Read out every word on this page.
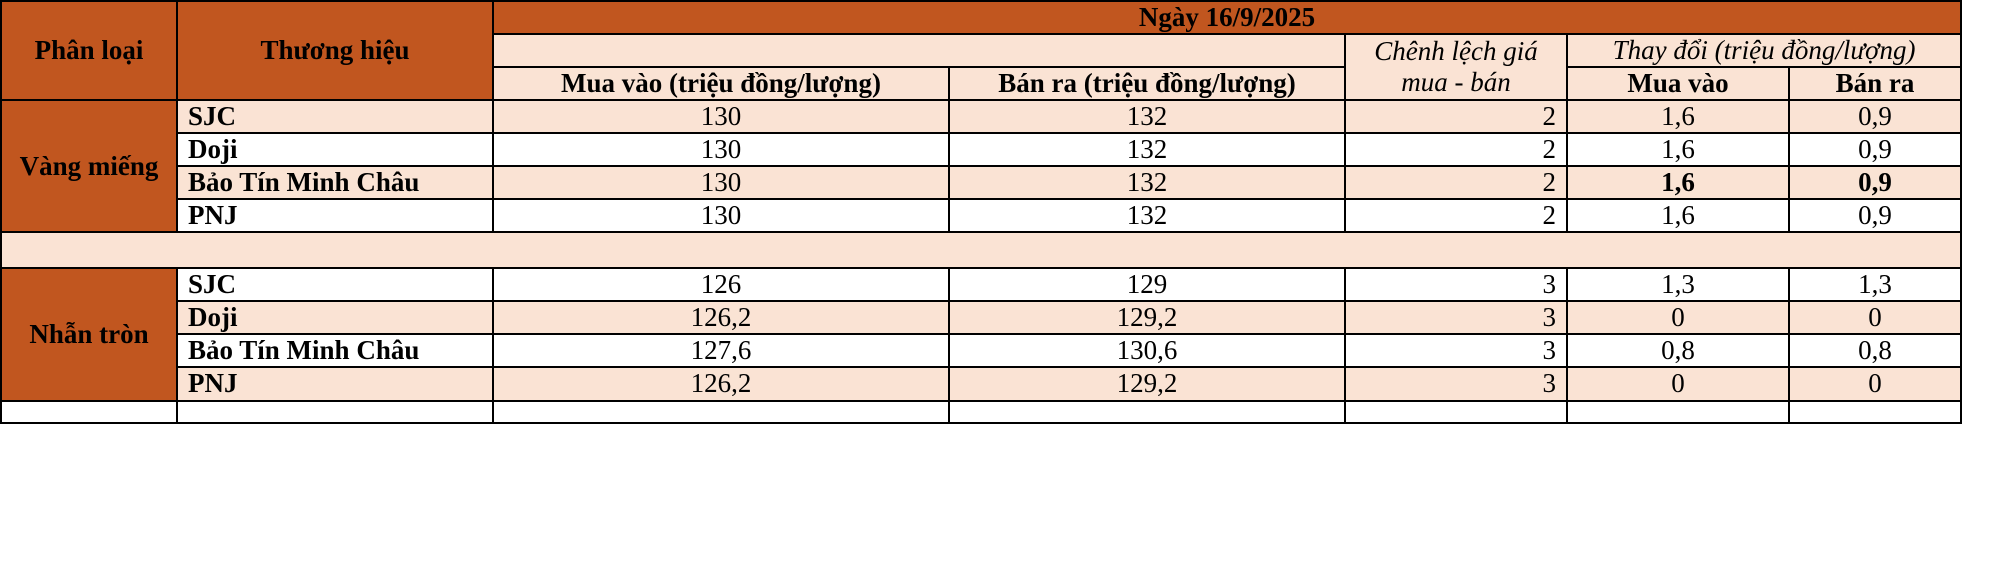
Phân loại	Thương hiệu	Ngày 16/9/2025				
				Chênh lệch giá mua - bán	Thay đổi (triệu đồng/lượng)	
		Mua vào (triệu đồng/lượng)	Bán ra (triệu đồng/lượng)		Mua vào	Bán ra
Vàng miếng	SJC	130	132	2	1,6	0,9
	Doji	130	132	2	1,6	0,9
	Bảo Tín Minh Châu	130	132	2	1,6	0,9
	PNJ	130	132	2	1,6	0,9

Nhẫn tròn	SJC	126	129	3	1,3	1,3
	Doji	126,2	129,2	3	0	0
	Bảo Tín Minh Châu	127,6	130,6	3	0,8	0,8
	PNJ	126,2	129,2	3	0	0
